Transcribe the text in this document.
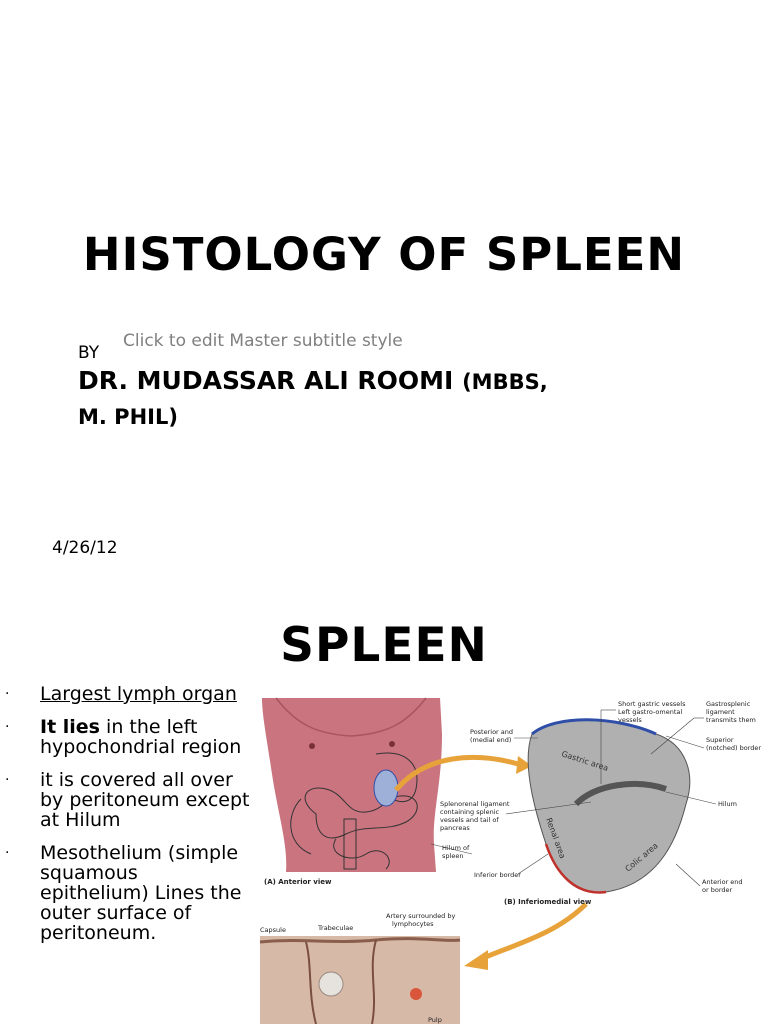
HISTOLOGY OF SPLEEN
Click to edit Master subtitle style
BY
DR. MUDASSAR ALI ROOMI (MBBS,
M. PHIL)
4/26/12
SPLEEN
· Largest lymph organ
· It lies in the left hypochondrial region
· it is covered all over by peritoneum except at Hilum
· Mesothelium (simple squamous epithelium) Lines the outer surface of peritoneum.
(A) Anterior view
Gastric area
Renal area	Colic area
Short gastric vessels
Left gastro-omental
vessels
Gastrosplenic
ligament
transmits them
Posterior and
(medial end)	Superior
(notched) border
Splenorenal ligament
containing splenic
vessels and tail of
pancreas
Hilum
Hilum of
spleen
Inferior border
Anterior end
or border
(B) Inferiomedial view
Capsule	Trabeculae
Artery surrounded by
lymphocytes
Pulp
